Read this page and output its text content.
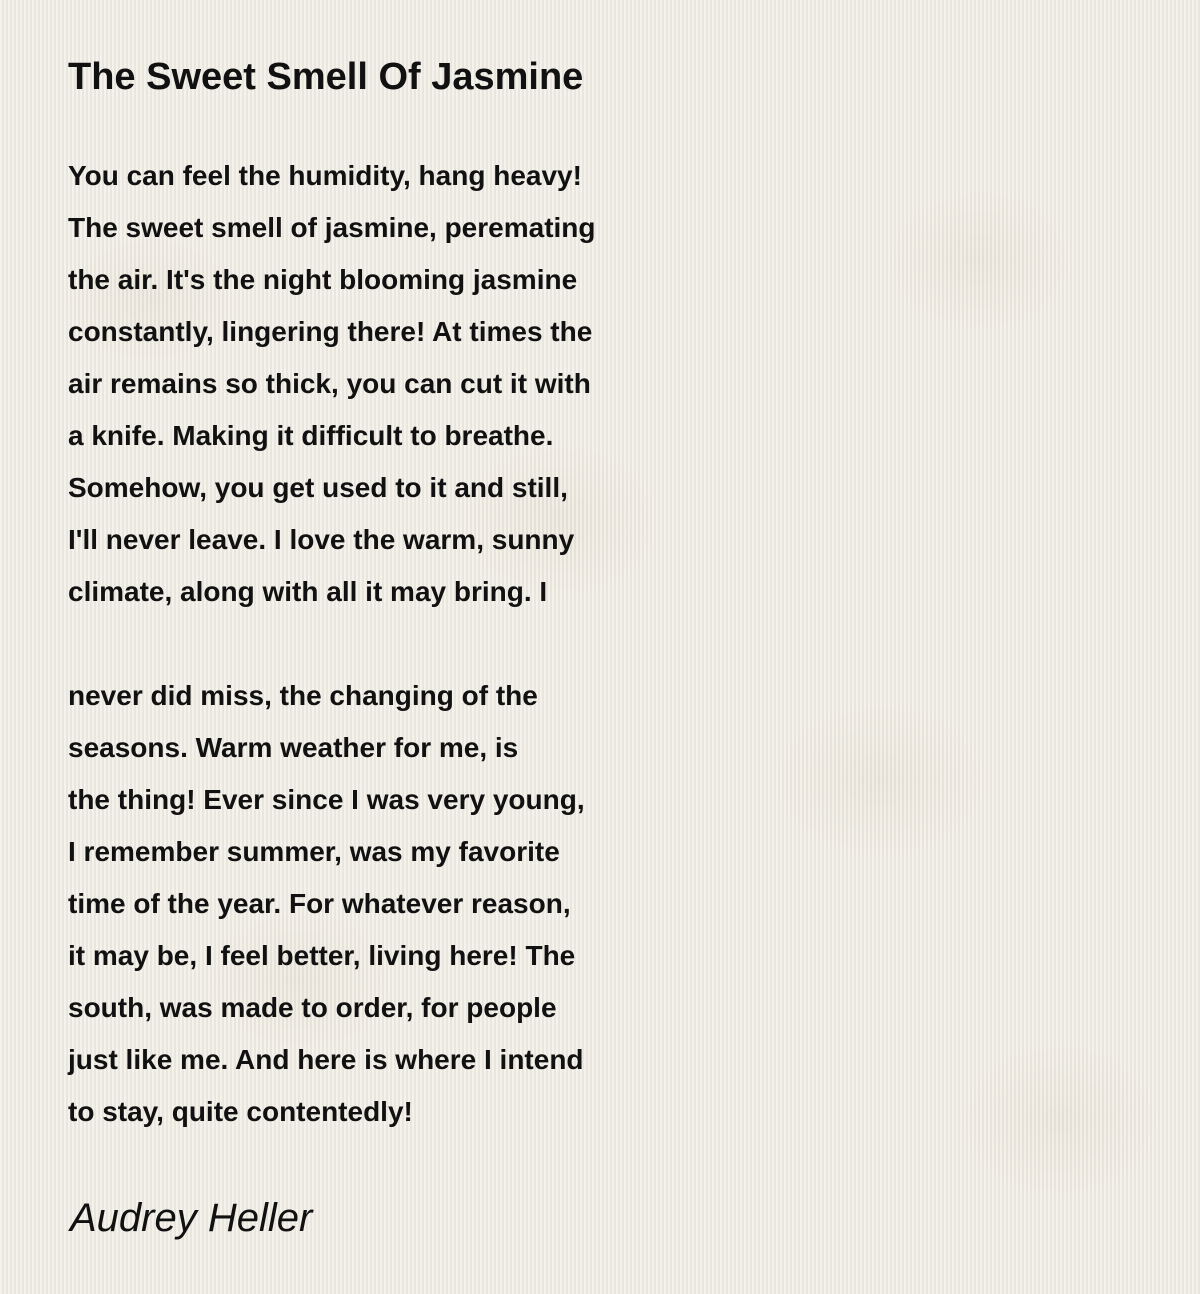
The Sweet Smell Of Jasmine
You can feel the humidity, hang heavy!
The sweet smell of jasmine, peremating
the air. It's the night blooming jasmine
constantly, lingering there! At times the
air remains so thick, you can cut it with
a knife. Making it difficult to breathe.
Somehow, you get used to it and still,
I'll never leave. I love the warm, sunny
climate, along with all it may bring. I
never did miss, the changing of the
seasons. Warm weather for me, is
the thing! Ever since I was very young,
I remember summer, was my favorite
time of the year. For whatever reason,
it may be, I feel better, living here! The
south, was made to order, for people
just like me. And here is where I intend
to stay, quite contentedly!

Audrey Heller
